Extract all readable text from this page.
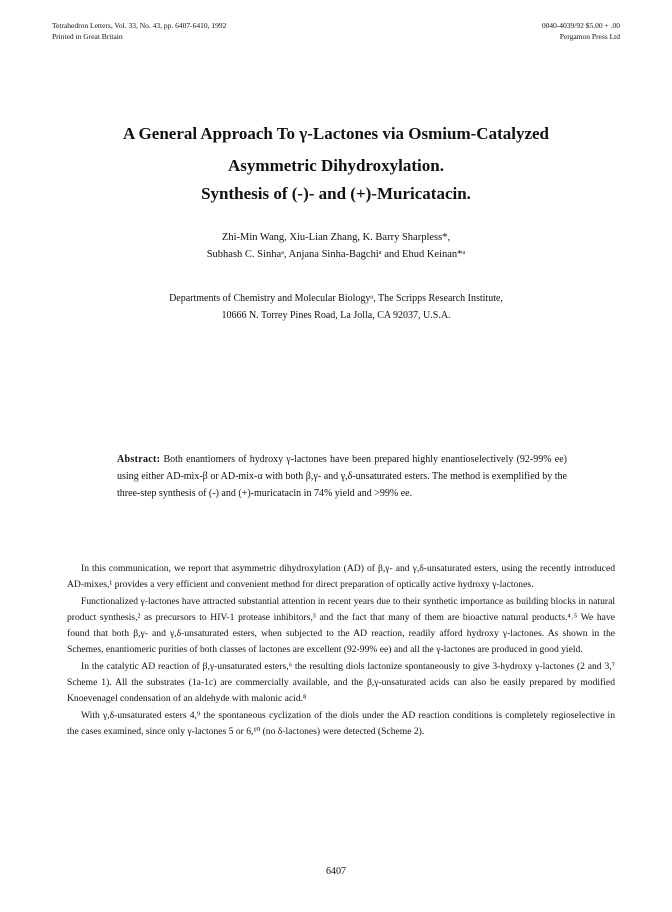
Tetrahedron Letters, Vol. 33, No. 43, pp. 6407-6410, 1992
Printed in Great Britain
0040-4039/92 $5.00 + .00
Pergamon Press Ltd
A General Approach To γ-Lactones via Osmium-Catalyzed
Asymmetric Dihydroxylation.
Synthesis of (-)- and (+)-Muricatacin.
Zhi-Min Wang, Xiu-Lian Zhang, K. Barry Sharpless*,
Subhash C. Sinhaᵃ, Anjana Sinha-Bagchiᵃ and Ehud Keinan*ᵃ
Departments of Chemistry and Molecular Biologyᵃ, The Scripps Research Institute,
10666 N. Torrey Pines Road, La Jolla, CA 92037, U.S.A.
Abstract: Both enantiomers of hydroxy γ-lactones have been prepared highly enantioselectively (92-99% ee) using either AD-mix-β or AD-mix-α with both β,γ- and γ,δ-unsaturated esters. The method is exemplified by the three-step synthesis of (-) and (+)-muricatacin in 74% yield and >99% ee.

In this communication, we report that asymmetric dihydroxylation (AD) of β,γ- and γ,δ-unsaturated esters, using the recently introduced AD-mixes,¹ provides a very efficient and convenient method for direct preparation of optically active hydroxy γ-lactones.

Functionalized γ-lactones have attracted substantial attention in recent years due to their synthetic importance as building blocks in natural product synthesis,² as precursors to HIV-1 protease inhibitors,³ and the fact that many of them are bioactive natural products.⁴˒⁵ We have found that both β,γ- and γ,δ-unsaturated esters, when subjected to the AD reaction, readily afford hydroxy γ-lactones. As shown in the Schemes, enantiomeric purities of both classes of lactones are excellent (92-99% ee) and all the γ-lactones are produced in good yield.

In the catalytic AD reaction of β,γ-unsaturated esters,⁶ the resulting diols lactonize spontaneously to give 3-hydroxy γ-lactones (2 and 3,⁷ Scheme 1). All the substrates (1a-1c) are commercially available, and the β,γ-unsaturated acids can also be easily prepared by modified Knoevenagel condensation of an aldehyde with malonic acid.⁸

With γ,δ-unsaturated esters 4,⁹ the spontaneous cyclization of the diols under the AD reaction conditions is completely regioselective in the cases examined, since only γ-lactones 5 or 6,¹⁰ (no δ-lactones) were detected (Scheme 2).

6407
